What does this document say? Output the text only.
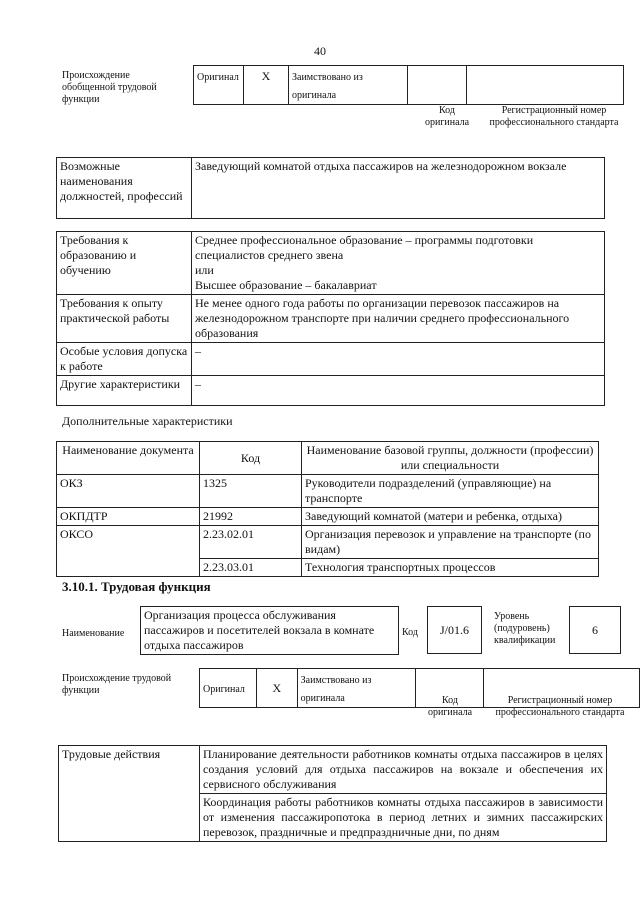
40
Происхождение обобщенной трудовой функции
Оригинал	X	Заимствовано из оригинала		
Код оригинала
Регистрационный номер профессионального стандарта
Возможные наименования должностей, профессий	Заведующий комнатой отдыха пассажиров на железнодорожном вокзале
Требования к образованию и обучению	Среднее профессиональное образование – программы подготовки специалистов среднего звена
или
Высшее образование – бакалавриат
Требования к опыту практической работы	Не менее одного года работы по организации перевозок пассажиров на железнодорожном транспорте при наличии среднего профессионального образования
Особые условия допуска к работе	–
Другие характеристики	–
Дополнительные характеристики
Наименование документа	Код	Наименование базовой группы, должности (профессии) или специальности
ОКЗ	1325	Руководители подразделений (управляющие) на транспорте
ОКПДТР	21992	Заведующий комнатой (матери и ребенка, отдыха)
ОКСО	2.23.02.01	Организация перевозок и управление на транспорте (по видам)
	2.23.03.01	Технология транспортных процессов
3.10.1. Трудовая функция
Наименование
Организация процесса обслуживания пассажиров и посетителей вокзала в комнате отдыха пассажиров
Код J/01.6
Уровень (подуровень) квалификации
6
Происхождение трудовой функции	Оригинал	X	Заимствовано из оригинала			Код оригинала
Регистрационный номер профессионального стандарта
Трудовые действия	Планирование деятельности работников комнаты отдыха пассажиров в целях создания условий для отдыха пассажиров на вокзале и обеспечения их сервисного обслуживания
Координация работы работников комнаты отдыха пассажиров в зависимости от изменения пассажиропотока в период летних и зимних пассажирских перевозок, праздничные и предпраздничные дни, по дням
